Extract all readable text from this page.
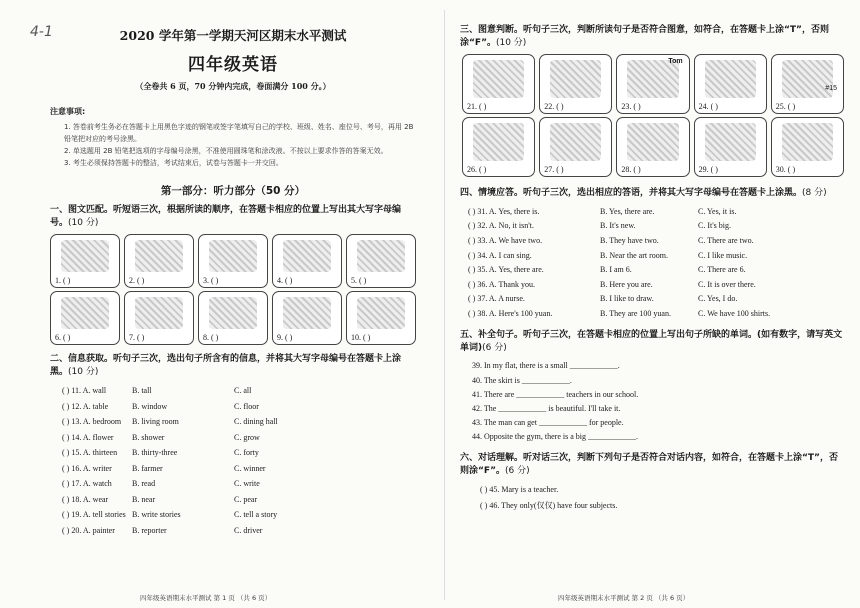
4-1	2020 学年第一学期天河区期末水平测试

四年级英语

（全卷共 6 页，70 分钟内完成，卷面满分 100 分。）

注意事项:

1. 答卷前考生务必在答题卡上用黑色字迹的钢笔或签字笔填写自己的学校、班级、姓名、座位号、考号，再用 2B 铅笔把对应的考号涂黑。

2. 单选题用 2B 铅笔把选项的字母编号涂黑，不准使用圆珠笔和涂改液。不按以上要求作答的答案无效。

3. 考生必须保持答题卡的整洁，考试结束后，试卷与答题卡一并交回。

第一部分：听力部分（50 分）
一、图文匹配。听短语三次，根据所读的顺序，在答题卡相应的位置上写出其大写字母编号。(10 分)
1. ( )	2. ( )	3. ( )	4. ( )	5. ( )
6. ( )	7. ( )	8. ( )	9. ( )	10. ( )
二、信息获取。听句子三次，选出句子所含有的信息，并将其大写字母编号在答题卡上涂黑。(10 分)
( ) 11. A. wall	B. tall	C. all
( ) 12. A. table	B. window	C. floor
( ) 13. A. bedroom	B. living room	C. dining hall
( ) 14. A. flower	B. shower	C. grow
( ) 15. A. thirteen	B. thirty-three	C. forty
( ) 16. A. writer	B. farmer	C. winner
( ) 17. A. watch	B. read	C. write
( ) 18. A. wear	B. near	C. pear
( ) 19. A. tell stories B. write stories	C. tell a story
( ) 20. A. painter	B. reporter	C. driver
四年级英语期末水平测试 第 1 页 （共 6 页）
三、图意判断。听句子三次，判断所读句子是否符合图意，如符合，在答题卡上涂“T”，否则涂“F”。(10 分)
21. ( )	22. ( )
Tom
23. ( )	24. ( )
#15
25. ( )
26. ( )	27. ( )	28. ( )	29. ( )	30. ( )
四、情境应答。听句子三次，选出相应的答语，并将其大写字母编号在答题卡上涂黑。(8 分)
( ) 31. A. Yes, there is.	B. Yes, there are.	C. Yes, it is.
( ) 32. A. No, it isn't.	B. It's new.	C. It's big.
( ) 33. A. We have two.	B. They have two.	C. There are two.
( ) 34. A. I can sing.	B. Near the art room.	C. I like music.
( ) 35. A. Yes, there are.	B. I am 6.	C. There are 6.
( ) 36. A. Thank you.	B. Here you are.	C. It is over there.
( ) 37. A. A nurse.	B. I like to draw.	C. Yes, I do.
( ) 38. A. Here's 100 yuan.	B. They are 100 yuan.	C. We have 100 shirts.
五、补全句子。听句子三次，在答题卡相应的位置上写出句子所缺的单词。(如有数字，请写英文单词)(6 分)
39. In my flat, there is a small ____________.
40. The skirt is ____________.
41. There are ____________ teachers in our school.
42. The ____________ is beautiful. I'll take it.
43. The man can get ____________ for people.
44. Opposite the gym, there is a big ____________.
六、对话理解。听对话三次，判断下列句子是否符合对话内容，如符合，在答题卡上涂“T”，否则涂“F”。(6 分)
( ) 45. Mary is a teacher.
( ) 46. They only(仅仅) have four subjects.
四年级英语期末水平测试 第 2 页 （共 6 页）
